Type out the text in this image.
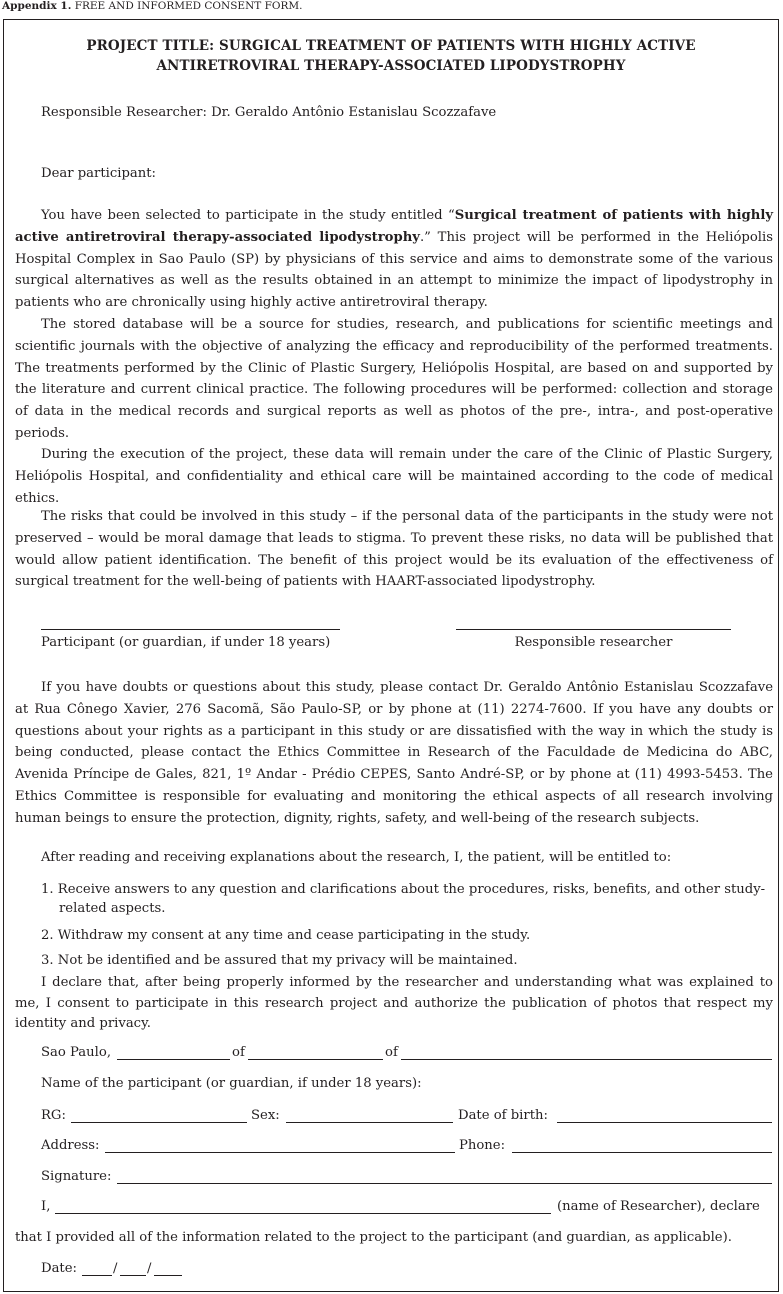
Appendix 1. FREE AND INFORMED CONSENT FORM.
PROJECT TITLE: SURGICAL TREATMENT OF PATIENTS WITH HIGHLY ACTIVE
ANTIRETROVIRAL THERAPY-ASSOCIATED LIPODYSTROPHY
Responsible Researcher: Dr. Geraldo Antônio Estanislau Scozzafave
Dear participant:

You have been selected to participate in the study entitled “Surgical treatment of patients with highly active antiretroviral therapy-associated lipodystrophy.” This project will be performed in the Heliópolis Hospital Complex in Sao Paulo (SP) by physicians of this service and aims to demonstrate some of the various surgical alternatives as well as the results obtained in an attempt to minimize the impact of lipodystrophy in patients who are chronically using highly active antiretroviral therapy.

The stored database will be a source for studies, research, and publications for scientific meetings and scientific journals with the objective of analyzing the efficacy and reproducibility of the performed treatments. The treatments performed by the Clinic of Plastic Surgery, Heliópolis Hospital, are based on and supported by the literature and current clinical practice. The following procedures will be performed: collection and storage of data in the medical records and surgical reports as well as photos of the pre-, intra-, and post-operative periods.

During the execution of the project, these data will remain under the care of the Clinic of Plastic Surgery, Heliópolis Hospital, and confidentiality and ethical care will be maintained according to the code of medical ethics.

The risks that could be involved in this study – if the personal data of the participants in the study were not preserved – would be moral damage that leads to stigma. To prevent these risks, no data will be published that would allow patient identification. The benefit of this project would be its evaluation of the effectiveness of surgical treatment for the well-being of patients with HAART-associated lipodystrophy.

Participant (or guardian, if under 18 years)	Responsible researcher

If you have doubts or questions about this study, please contact Dr. Geraldo Antônio Estanislau Scozzafave at Rua Cônego Xavier, 276 Sacomã, São Paulo-SP, or by phone at (11) 2274-7600. If you have any doubts or questions about your rights as a participant in this study or are dissatisfied with the way in which the study is being conducted, please contact the Ethics Committee in Research of the Faculdade de Medicina do ABC, Avenida Príncipe de Gales, 821, 1º Andar - Prédio CEPES, Santo André-SP, or by phone at (11) 4993-5453. The Ethics Committee is responsible for evaluating and monitoring the ethical aspects of all research involving human beings to ensure the protection, dignity, rights, safety, and well-being of the research subjects.

After reading and receiving explanations about the research, I, the patient, will be entitled to:
1. Receive answers to any question and clarifications about the procedures, risks, benefits, and other study-related aspects.
2. Withdraw my consent at any time and cease participating in the study.
3. Not be identified and be assured that my privacy will be maintained.

I declare that, after being properly informed by the researcher and understanding what was explained to me, I consent to participate in this research project and authorize the publication of photos that respect my identity and privacy.

Sao Paulo,	of	of
Name of the participant (or guardian, if under 18 years):
RG:	Sex:	Date of birth:
Address:	Phone:
Signature:
I,	(name of Researcher), declare
that I provided all of the information related to the project to the participant (and guardian, as applicable).
Date:	/ /
